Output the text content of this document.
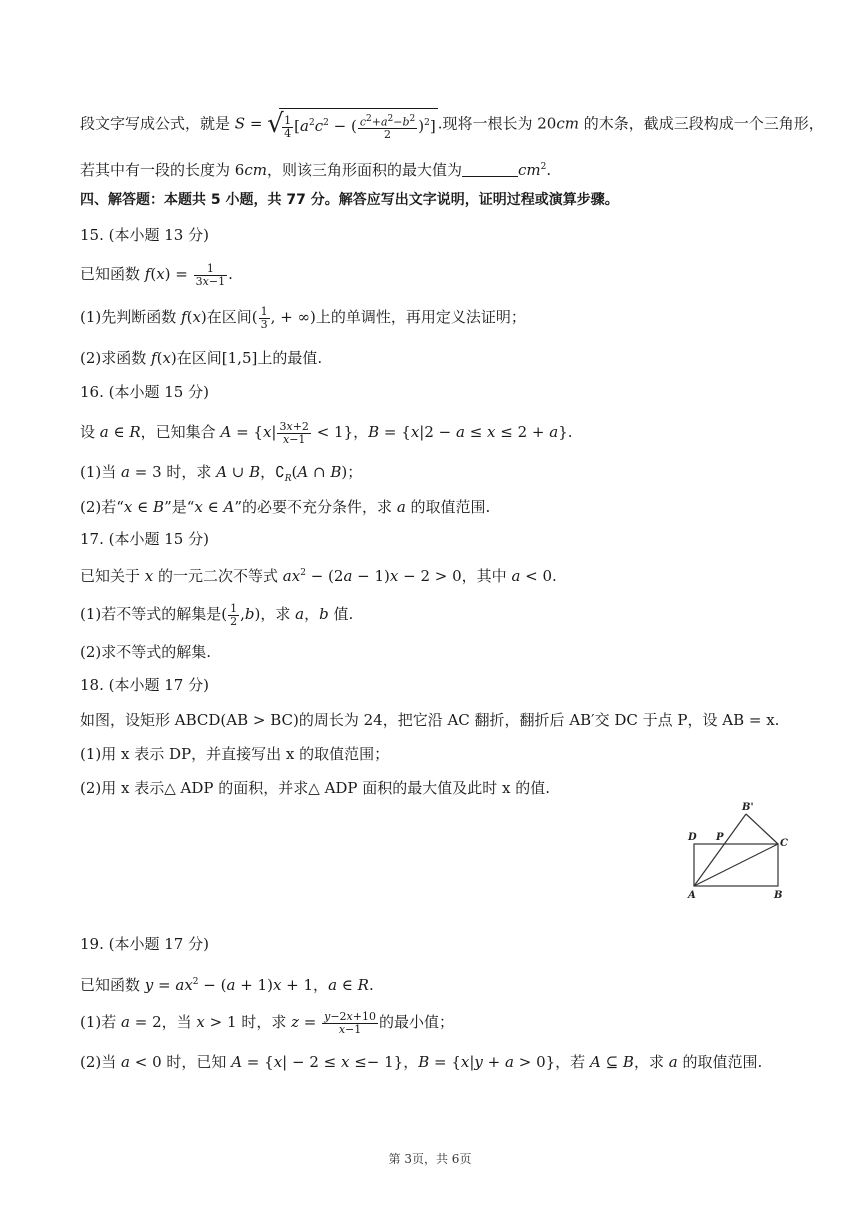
段文字写成公式，就是 S = √
$\frac{1}{4} [a^2c^2$ − ( $\frac{c^2+a^2-b^2}{2} )^2$].现将一根长为 20cm 的木条，截成三段构成一个三角形，
若其中有一段的长度为 6cm，则该三角形面积的最大值为	$cm^2$.
四、解答题：本题共 5 小题，共 77 分。解答应写出文字说明，证明过程或演算步骤。
15. (本小题 13 分)
已知函数 $f(x) = \frac{1}{3x-1}$ .
(1)先判断函数 f(x)在区间( $\frac{1}{3}$ , + ∞)上的单调性，再用定义法证明；
(2)求函数 f(x)在区间[1,5]上的最值.
16. (本小题 15 分)
设 a ∈ R，已知集合 $A = \{x| \frac{3x+2}{x-1} < 1\}$，B = {x|2 − a ≤ x ≤ 2 + a}.
(1)当 a = 3 时，求 A ∪ B，$∁_R(A$ ∩ B)；
(2)若“x ∈ B”是“x ∈ A”的必要不充分条件，求 a 的取值范围.
17. (本小题 15 分)
已知关于 x 的一元二次不等式 $ax^2 - (2a - 1)x - 2 > 0$，其中 a < 0.
(1)若不等式的解集是( $\frac{1}{2} ,b$)，求 a，b 值.
(2)求不等式的解集.
18. (本小题 17 分)
如图，设矩形 ABCD(AB > BC)的周长为 24，把它沿 AC 翻折，翻折后 AB′交 DC 于点 P，设 AB = x.
(1)用 x 表示 DP，并直接写出 x 的取值范围；
(2)用 x 表示△ ADP 的面积，并求△ ADP 面积的最大值及此时 x 的值.
D P
B'
C
A	B
19. (本小题 17 分)
已知函数 $y = ax^2 - (a + 1)x + 1$，a ∈ R.
(1)若 a = 2，当 x > 1 时，求 $z = \frac{y-2x+10}{x-1}$ 的最小值；
(2)当 a < 0 时，已知 A = {x| − 2 ≤ x ≤− 1}，B = {x|y + a > 0}，若 A ⊆ B，求 a 的取值范围.
第 3页，共 6页
